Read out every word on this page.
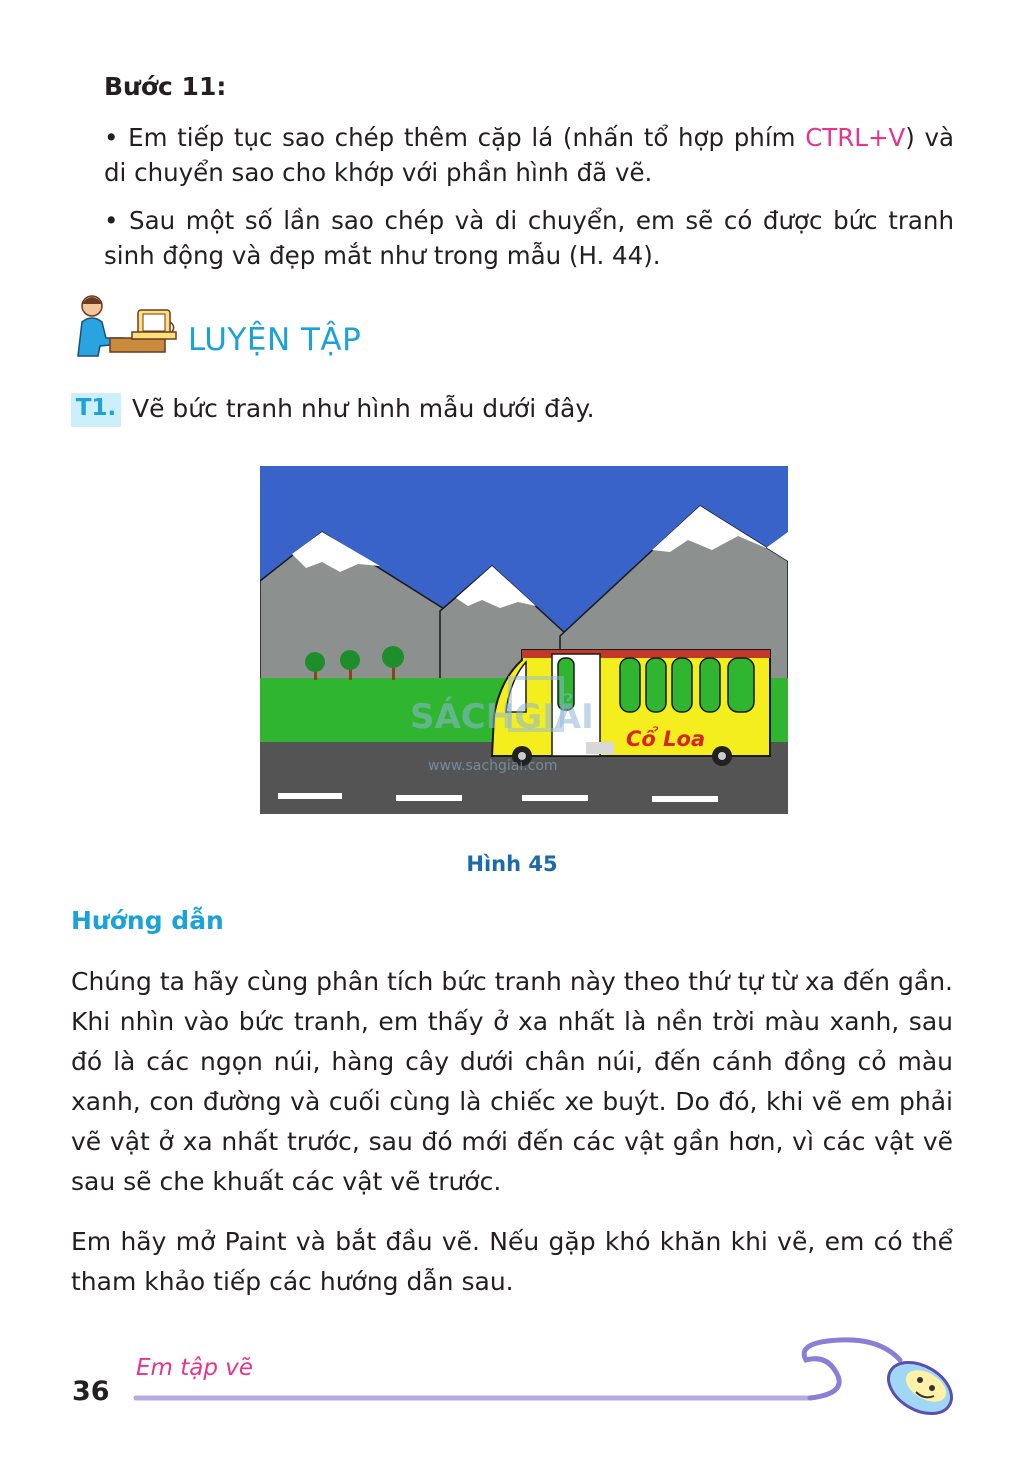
Bước 11:
• Em tiếp tục sao chép thêm cặp lá (nhấn tổ hợp phím CTRL+V) và di chuyển sao cho khớp với phần hình đã vẽ.
• Sau một số lần sao chép và di chuyển, em sẽ có được bức tranh sinh động và đẹp mắt như trong mẫu (H. 44).
LUYỆN TẬP
T1. Vẽ bức tranh như hình mẫu dưới đây.
Cổ Loa
SÁCHGIẢI
www.sachgiai.com
Hình 45
Hướng dẫn
Chúng ta hãy cùng phân tích bức tranh này theo thứ tự từ xa đến gần. Khi nhìn vào bức tranh, em thấy ở xa nhất là nền trời màu xanh, sau đó là các ngọn núi, hàng cây dưới chân núi, đến cánh đồng cỏ màu xanh, con đường và cuối cùng là chiếc xe buýt. Do đó, khi vẽ em phải vẽ vật ở xa nhất trước, sau đó mới đến các vật gần hơn, vì các vật vẽ sau sẽ che khuất các vật vẽ trước.
Em hãy mở Paint và bắt đầu vẽ. Nếu gặp khó khăn khi vẽ, em có thể tham khảo tiếp các hướng dẫn sau.
36
Em tập vẽ
